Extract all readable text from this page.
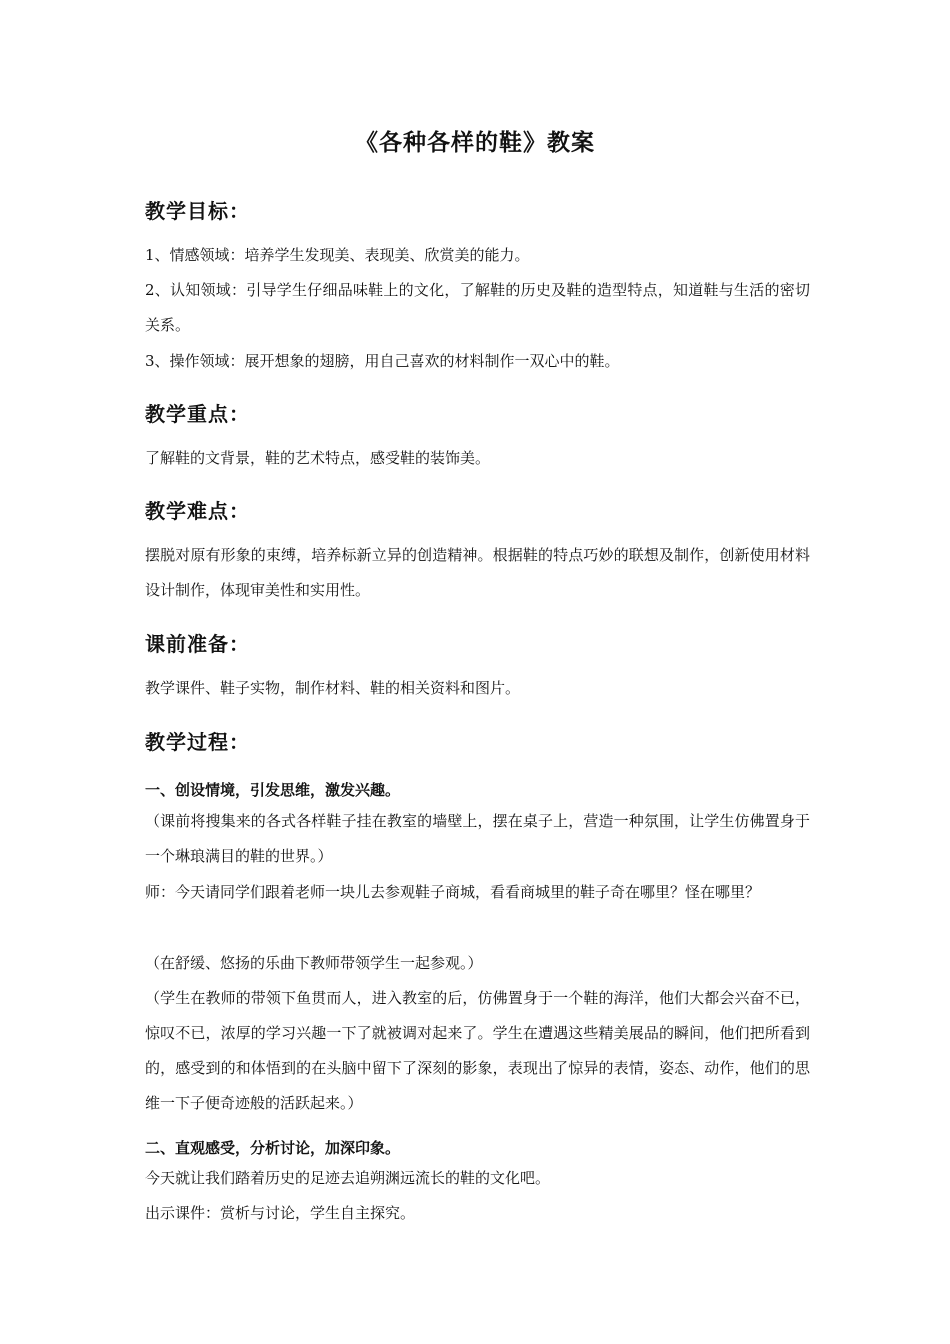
《各种各样的鞋》教案
教学目标：

1、情感领域：培养学生发现美、表现美、欣赏美的能力。

2、认知领域：引导学生仔细品味鞋上的文化，了解鞋的历史及鞋的造型特点，知道鞋与生活的密切关系。

3、操作领域：展开想象的翅膀，用自己喜欢的材料制作一双心中的鞋。

教学重点：

了解鞋的文背景，鞋的艺术特点，感受鞋的装饰美。

教学难点：

摆脱对原有形象的束缚，培养标新立异的创造精神。根据鞋的特点巧妙的联想及制作，创新使用材料设计制作，体现审美性和实用性。

课前准备：

教学课件、鞋子实物，制作材料、鞋的相关资料和图片。

教学过程：

一、创设情境，引发思维，激发兴趣。

（课前将搜集来的各式各样鞋子挂在教室的墙壁上，摆在桌子上，营造一种氛围，让学生仿佛置身于一个琳琅满目的鞋的世界。）

师：今天请同学们跟着老师一块儿去参观鞋子商城，看看商城里的鞋子奇在哪里？怪在哪里？

（在舒缓、悠扬的乐曲下教师带领学生一起参观。）

（学生在教师的带领下鱼贯而人，进入教室的后，仿佛置身于一个鞋的海洋，他们大都会兴奋不已，惊叹不已，浓厚的学习兴趣一下了就被调对起来了。学生在遭遇这些精美展品的瞬间，他们把所看到的，感受到的和体悟到的在头脑中留下了深刻的影象，表现出了惊异的表情，姿态、动作，他们的思维一下子便奇迹般的活跃起来。）

二、直观感受，分析讨论，加深印象。

今天就让我们踏着历史的足迹去追朔渊远流长的鞋的文化吧。

出示课件：赏析与讨论，学生自主探究。
